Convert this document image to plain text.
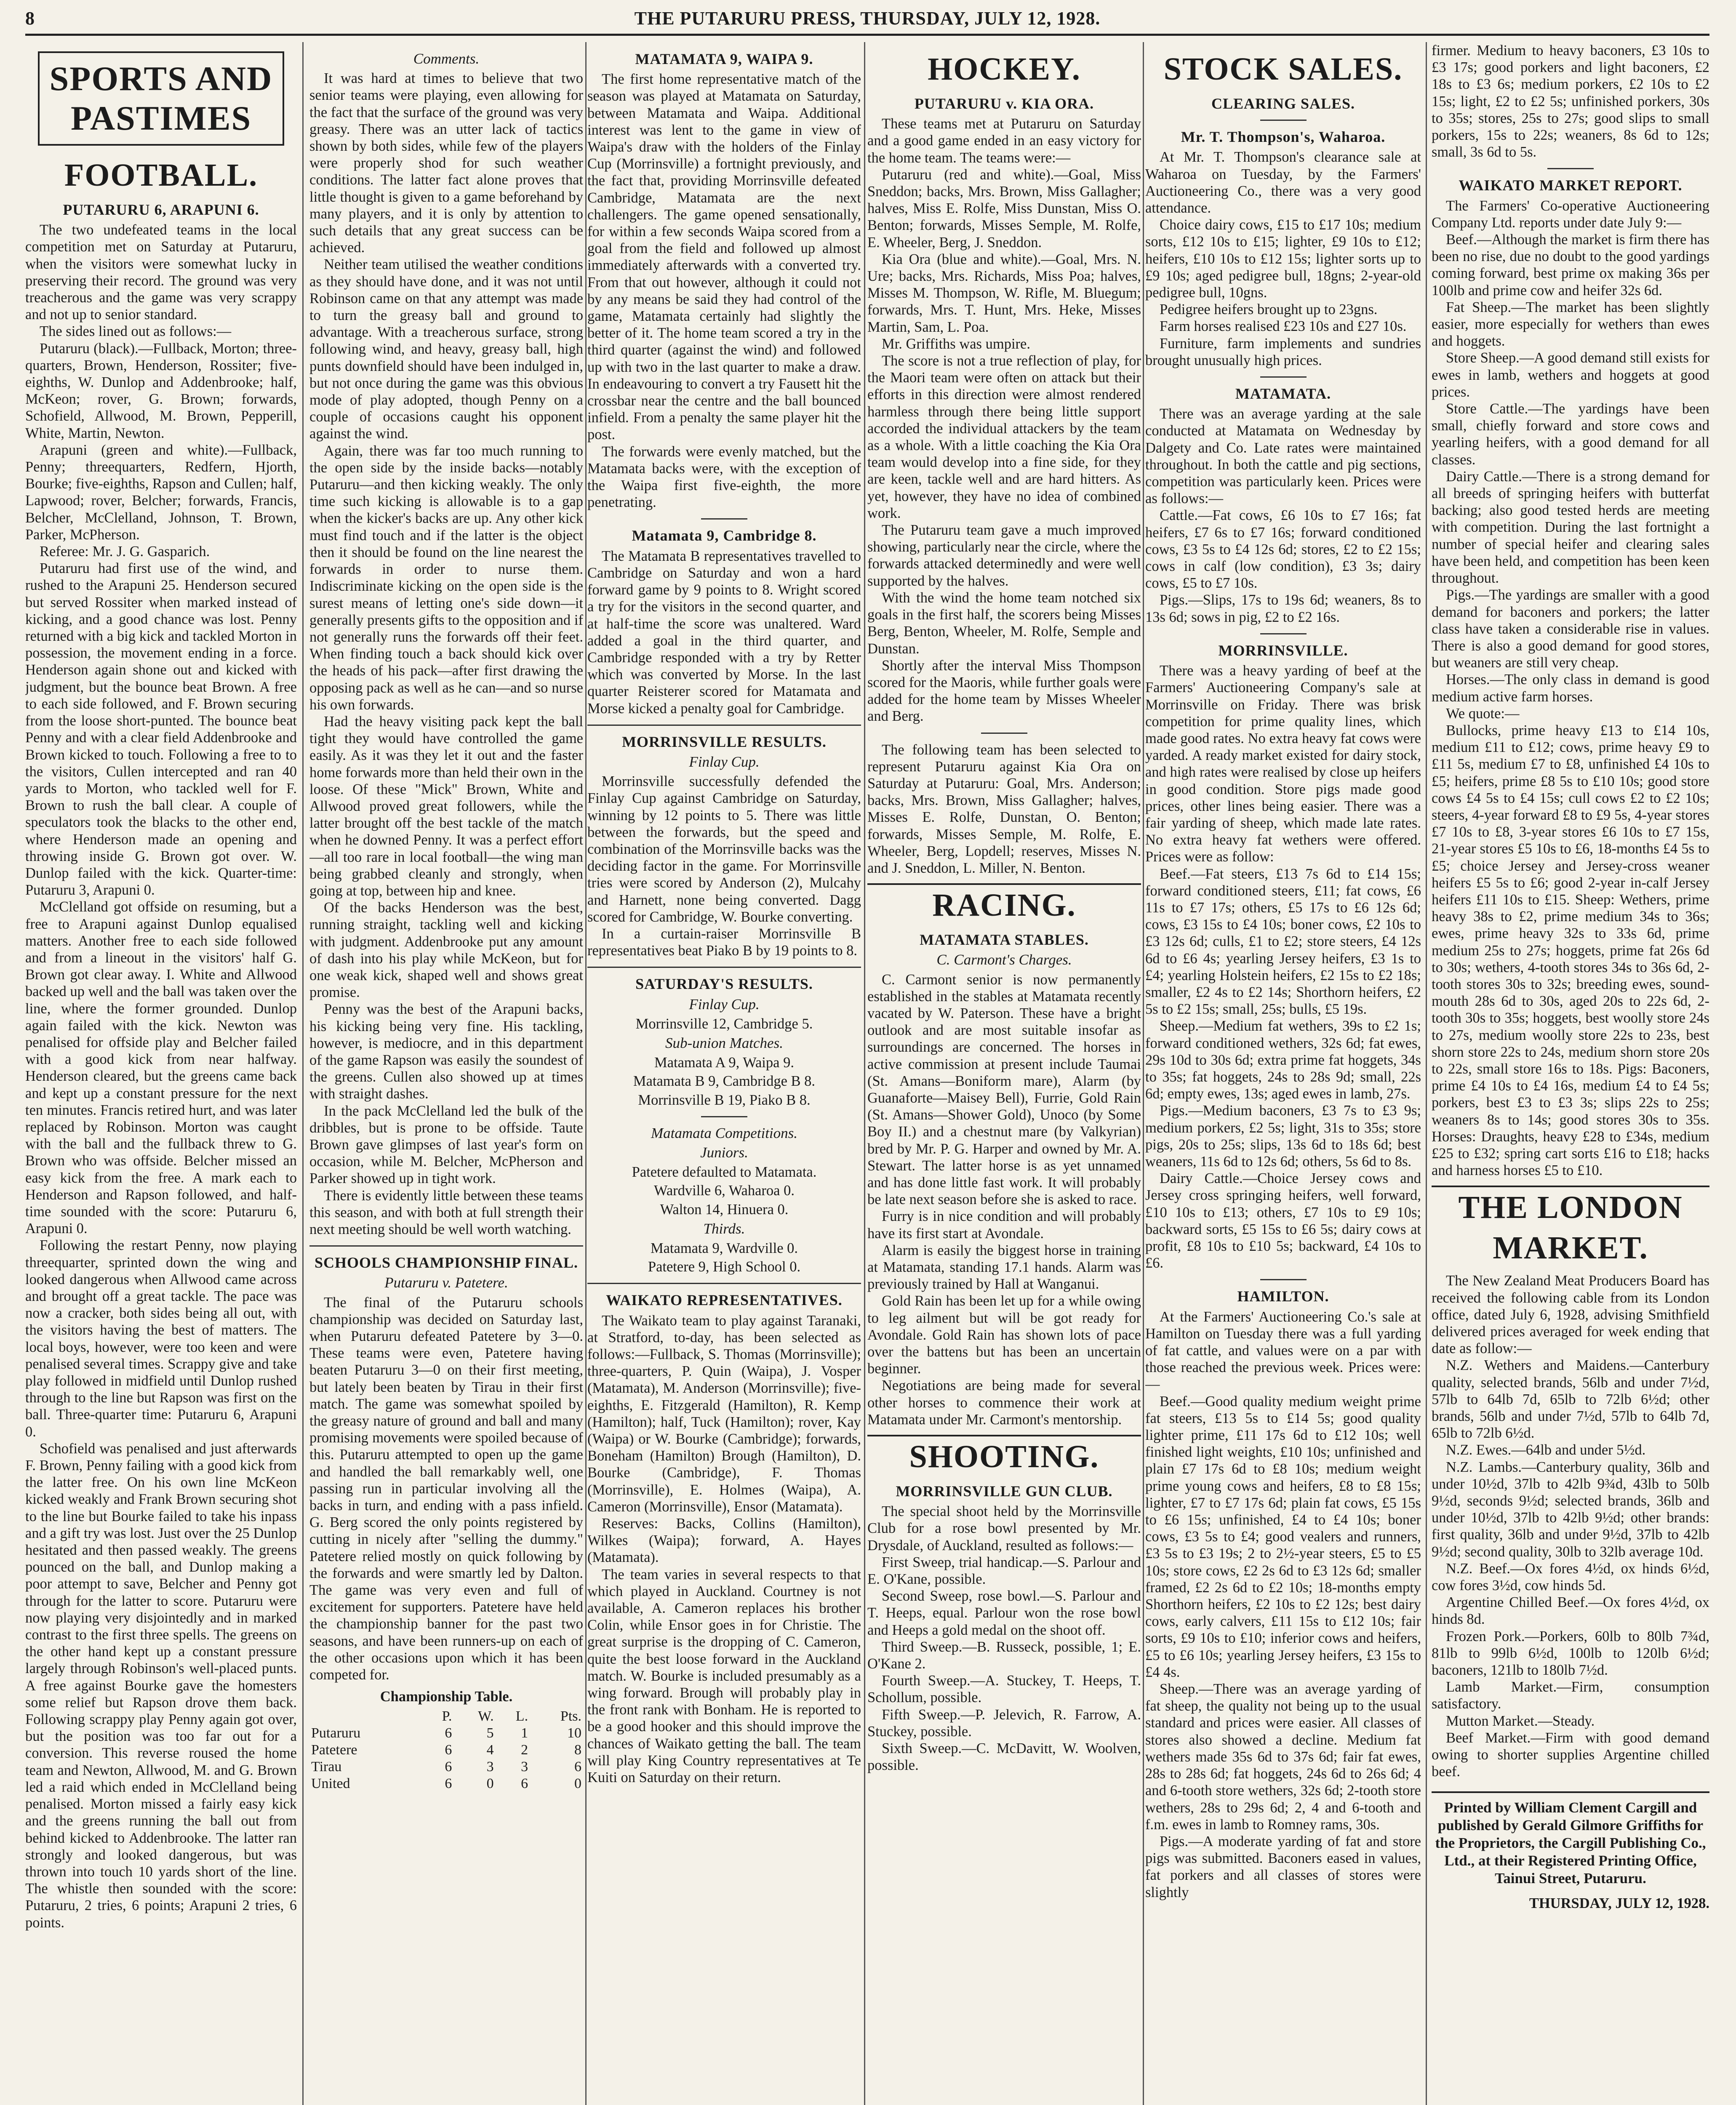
8	THE PUTARURU PRESS, THURSDAY, JULY 12, 1928.
SPORTS AND PASTIMES
FOOTBALL.
PUTARURU 6, ARAPUNI 6.

The two undefeated teams in the local competition met on Saturday at Putaruru, when the visitors were somewhat lucky in preserving their record. The ground was very treacherous and the game was very scrappy and not up to senior standard.

The sides lined out as follows:—

Putaruru (black).—Fullback, Morton; three-quarters, Brown, Henderson, Rossiter; five-eighths, W. Dunlop and Addenbrooke; half, McKeon; rover, G. Brown; forwards, Schofield, Allwood, M. Brown, Pepperill, White, Martin, Newton.

Arapuni (green and white).—Fullback, Penny; threequarters, Redfern, Hjorth, Bourke; five-eighths, Rapson and Cullen; half, Lapwood; rover, Belcher; forwards, Francis, Belcher, McClelland, Johnson, T. Brown, Parker, McPherson.

Referee: Mr. J. G. Gasparich.

Putaruru had first use of the wind, and rushed to the Arapuni 25. Henderson secured but served Rossiter when marked instead of kicking, and a good chance was lost. Penny returned with a big kick and tackled Morton in possession, the movement ending in a force. Henderson again shone out and kicked with judgment, but the bounce beat Brown. A free to each side followed, and F. Brown securing from the loose short-punted. The bounce beat Penny and with a clear field Addenbrooke and Brown kicked to touch. Following a free to to the visitors, Cullen intercepted and ran 40 yards to Morton, who tackled well for F. Brown to rush the ball clear. A couple of speculators took the blacks to the other end, where Henderson made an opening and throwing inside G. Brown got over. W. Dunlop failed with the kick. Quarter-time: Putaruru 3, Arapuni 0.

McClelland got offside on resuming, but a free to Arapuni against Dunlop equalised matters. Another free to each side followed and from a lineout in the visitors' half G. Brown got clear away. I. White and Allwood backed up well and the ball was taken over the line, where the former grounded. Dunlop again failed with the kick. Newton was penalised for offside play and Belcher failed with a good kick from near halfway. Henderson cleared, but the greens came back and kept up a constant pressure for the next ten minutes. Francis retired hurt, and was later replaced by Robinson. Morton was caught with the ball and the fullback threw to G. Brown who was offside. Belcher missed an easy kick from the free. A mark each to Henderson and Rapson followed, and half-time sounded with the score: Putaruru 6, Arapuni 0.

Following the restart Penny, now playing threequarter, sprinted down the wing and looked dangerous when Allwood came across and brought off a great tackle. The pace was now a cracker, both sides being all out, with the visitors having the best of matters. The local boys, however, were too keen and were penalised several times. Scrappy give and take play followed in midfield until Dunlop rushed through to the line but Rapson was first on the ball. Three-quarter time: Putaruru 6, Arapuni 0.

Schofield was penalised and just afterwards F. Brown, Penny failing with a good kick from the latter free. On his own line McKeon kicked weakly and Frank Brown securing shot to the line but Bourke failed to take his inpass and a gift try was lost. Just over the 25 Dunlop hesitated and then passed weakly. The greens pounced on the ball, and Dunlop making a poor attempt to save, Belcher and Penny got through for the latter to score. Putaruru were now playing very disjointedly and in marked contrast to the first three spells. The greens on the other hand kept up a constant pressure largely through Robinson's well-placed punts. A free against Bourke gave the homesters some relief but Rapson drove them back. Following scrappy play Penny again got over, but the position was too far out for a conversion. This reverse roused the home team and Newton, Allwood, M. and G. Brown led a raid which ended in McClelland being penalised. Morton missed a fairly easy kick and the greens running the ball out from behind kicked to Addenbrooke. The latter ran strongly and looked dangerous, but was thrown into touch 10 yards short of the line. The whistle then sounded with the score: Putaruru, 2 tries, 6 points; Arapuni 2 tries, 6 points.

Comments.

It was hard at times to believe that two senior teams were playing, even allowing for the fact that the surface of the ground was very greasy. There was an utter lack of tactics shown by both sides, while few of the players were properly shod for such weather conditions. The latter fact alone proves that little thought is given to a game beforehand by many players, and it is only by attention to such details that any great success can be achieved.

Neither team utilised the weather conditions as they should have done, and it was not until Robinson came on that any attempt was made to turn the greasy ball and ground to advantage. With a treacherous surface, strong following wind, and heavy, greasy ball, high punts downfield should have been indulged in, but not once during the game was this obvious mode of play adopted, though Penny on a couple of occasions caught his opponent against the wind.

Again, there was far too much running to the open side by the inside backs—notably Putaruru—and then kicking weakly. The only time such kicking is allowable is to a gap when the kicker's backs are up. Any other kick must find touch and if the latter is the object then it should be found on the line nearest the forwards in order to nurse them. Indiscriminate kicking on the open side is the surest means of letting one's side down—it generally presents gifts to the opposition and if not generally runs the forwards off their feet. When finding touch a back should kick over the heads of his pack—after first drawing the opposing pack as well as he can—and so nurse his own forwards.

Had the heavy visiting pack kept the ball tight they would have controlled the game easily. As it was they let it out and the faster home forwards more than held their own in the loose. Of these "Mick" Brown, White and Allwood proved great followers, while the latter brought off the best tackle of the match when he downed Penny. It was a perfect effort—all too rare in local football—the wing man being grabbed cleanly and strongly, when going at top, between hip and knee.

Of the backs Henderson was the best, running straight, tackling well and kicking with judgment. Addenbrooke put any amount of dash into his play while McKeon, but for one weak kick, shaped well and shows great promise.

Penny was the best of the Arapuni backs, his kicking being very fine. His tackling, however, is mediocre, and in this department of the game Rapson was easily the soundest of the greens. Cullen also showed up at times with straight dashes.

In the pack McClelland led the bulk of the dribbles, but is prone to be offside. Taute Brown gave glimpses of last year's form on occasion, while M. Belcher, McPherson and Parker showed up in tight work.

There is evidently little between these teams this season, and with both at full strength their next meeting should be well worth watching.

SCHOOLS CHAMPIONSHIP FINAL.
Putaruru v. Patetere.

The final of the Putaruru schools championship was decided on Saturday last, when Putaruru defeated Patetere by 3—0. These teams were even, Patetere having beaten Putaruru 3—0 on their first meeting, but lately been beaten by Tirau in their first match. The game was somewhat spoiled by the greasy nature of ground and ball and many promising movements were spoiled because of this. Putaruru attempted to open up the game and handled the ball remarkably well, one passing run in particular involving all the backs in turn, and ending with a pass infield. G. Berg scored the only points registered by cutting in nicely after "selling the dummy." Patetere relied mostly on quick following by the forwards and were smartly led by Dalton. The game was very even and full of excitement for supporters. Patetere have held the championship banner for the past two seasons, and have been runners-up on each of the other occasions upon which it has been competed for.

Championship Table.
	P.	W.	L.	Pts.
Putaruru	6	5	1	10
Patetere	6	4	2	8
Tirau	6	3	3	6
United	6	0	6	0
MATAMATA 9, WAIPA 9.

The first home representative match of the season was played at Matamata on Saturday, between Matamata and Waipa. Additional interest was lent to the game in view of Waipa's draw with the holders of the Finlay Cup (Morrinsville) a fortnight previously, and the fact that, providing Morrinsville defeated Cambridge, Matamata are the next challengers. The game opened sensationally, for within a few seconds Waipa scored from a goal from the field and followed up almost immediately afterwards with a converted try. From that out however, although it could not by any means be said they had control of the game, Matamata certainly had slightly the better of it. The home team scored a try in the third quarter (against the wind) and followed up with two in the last quarter to make a draw. In endeavouring to convert a try Fausett hit the crossbar near the centre and the ball bounced infield. From a penalty the same player hit the post.

The forwards were evenly matched, but the Matamata backs were, with the exception of the Waipa first five-eighth, the more penetrating.

Matamata 9, Cambridge 8.

The Matamata B representatives travelled to Cambridge on Saturday and won a hard forward game by 9 points to 8. Wright scored a try for the visitors in the second quarter, and at half-time the score was unaltered. Ward added a goal in the third quarter, and Cambridge responded with a try by Retter which was converted by Morse. In the last quarter Reisterer scored for Matamata and Morse kicked a penalty goal for Cambridge.

MORRINSVILLE RESULTS.
Finlay Cup.

Morrinsville successfully defended the Finlay Cup against Cambridge on Saturday, winning by 12 points to 5. There was little between the forwards, but the speed and combination of the Morrinsville backs was the deciding factor in the game. For Morrinsville tries were scored by Anderson (2), Mulcahy and Harnett, none being converted. Dagg scored for Cambridge, W. Bourke converting.

In a curtain-raiser Morrinsville B representatives beat Piako B by 19 points to 8.

SATURDAY'S RESULTS.
Finlay Cup.
Morrinsville 12, Cambridge 5.
Sub-union Matches.
Matamata A 9, Waipa 9.
Matamata B 9, Cambridge B 8.
Morrinsville B 19, Piako B 8.
Matamata Competitions.
Juniors.
Patetere defaulted to Matamata.
Wardville 6, Waharoa 0.
Walton 14, Hinuera 0.
Thirds.
Matamata 9, Wardville 0.
Patetere 9, High School 0.
WAIKATO REPRESENTATIVES.

The Waikato team to play against Taranaki, at Stratford, to-day, has been selected as follows:—Fullback, S. Thomas (Morrinsville); three-quarters, P. Quin (Waipa), J. Vosper (Matamata), M. Anderson (Morrinsville); five-eighths, E. Fitzgerald (Hamilton), R. Kemp (Hamilton); half, Tuck (Hamilton); rover, Kay (Waipa) or W. Bourke (Cambridge); forwards, Boneham (Hamilton) Brough (Hamilton), D. Bourke (Cambridge), F. Thomas (Morrinsville), E. Holmes (Waipa), A. Cameron (Morrinsville), Ensor (Matamata).

Reserves: Backs, Collins (Hamilton), Wilkes (Waipa); forward, A. Hayes (Matamata).

The team varies in several respects to that which played in Auckland. Courtney is not available, A. Cameron replaces his brother Colin, while Ensor goes in for Christie. The great surprise is the dropping of C. Cameron, quite the best loose forward in the Auckland match. W. Bourke is included presumably as a wing forward. Brough will probably play in the front rank with Bonham. He is reported to be a good hooker and this should improve the chances of Waikato getting the ball. The team will play King Country representatives at Te Kuiti on Saturday on their return.

HOCKEY.
PUTARURU v. KIA ORA.

These teams met at Putaruru on Saturday and a good game ended in an easy victory for the home team. The teams were:—

Putaruru (red and white).—Goal, Miss Sneddon; backs, Mrs. Brown, Miss Gallagher; halves, Miss E. Rolfe, Miss Dunstan, Miss O. Benton; forwards, Misses Semple, M. Rolfe, E. Wheeler, Berg, J. Sneddon.

Kia Ora (blue and white).—Goal, Mrs. N. Ure; backs, Mrs. Richards, Miss Poa; halves, Misses M. Thompson, W. Rifle, M. Bluegum; forwards, Mrs. T. Hunt, Mrs. Heke, Misses Martin, Sam, L. Poa.

Mr. Griffiths was umpire.

The score is not a true reflection of play, for the Maori team were often on attack but their efforts in this direction were almost rendered harmless through there being little support accorded the individual attackers by the team as a whole. With a little coaching the Kia Ora team would develop into a fine side, for they are keen, tackle well and are hard hitters. As yet, however, they have no idea of combined work.

The Putaruru team gave a much improved showing, particularly near the circle, where the forwards attacked determinedly and were well supported by the halves.

With the wind the home team notched six goals in the first half, the scorers being Misses Berg, Benton, Wheeler, M. Rolfe, Semple and Dunstan.

Shortly after the interval Miss Thompson scored for the Maoris, while further goals were added for the home team by Misses Wheeler and Berg.

The following team has been selected to represent Putaruru against Kia Ora on Saturday at Putaruru: Goal, Mrs. Anderson; backs, Mrs. Brown, Miss Gallagher; halves, Misses E. Rolfe, Dunstan, O. Benton; forwards, Misses Semple, M. Rolfe, E. Wheeler, Berg, Lopdell; reserves, Misses N. and J. Sneddon, L. Miller, N. Benton.

RACING.
MATAMATA STABLES.
C. Carmont's Charges.

C. Carmont senior is now permanently established in the stables at Matamata recently vacated by W. Paterson. These have a bright outlook and are most suitable insofar as surroundings are concerned. The horses in active commission at present include Taumai (St. Amans—Boniform mare), Alarm (by Guanaforte—Maisey Bell), Furrie, Gold Rain (St. Amans—Shower Gold), Unoco (by Some Boy II.) and a chestnut mare (by Valkyrian) bred by Mr. P. G. Harper and owned by Mr. A. Stewart. The latter horse is as yet unnamed and has done little fast work. It will probably be late next season before she is asked to race.

Furry is in nice condition and will probably have its first start at Avondale.

Alarm is easily the biggest horse in training at Matamata, standing 17.1 hands. Alarm was previously trained by Hall at Wanganui.

Gold Rain has been let up for a while owing to leg ailment but will be got ready for Avondale. Gold Rain has shown lots of pace over the battens but has been an uncertain beginner.

Negotiations are being made for several other horses to commence their work at Matamata under Mr. Carmont's mentorship.

SHOOTING.
MORRINSVILLE GUN CLUB.

The special shoot held by the Morrinsville Club for a rose bowl presented by Mr. Drysdale, of Auckland, resulted as follows:—

First Sweep, trial handicap.—S. Parlour and E. O'Kane, possible.

Second Sweep, rose bowl.—S. Parlour and T. Heeps, equal. Parlour won the rose bowl and Heeps a gold medal on the shoot off.

Third Sweep.—B. Russeck, possible, 1; E. O'Kane 2.

Fourth Sweep.—A. Stuckey, T. Heeps, T. Schollum, possible.

Fifth Sweep.—P. Jelevich, R. Farrow, A. Stuckey, possible.

Sixth Sweep.—C. McDavitt, W. Woolven, possible.

STOCK SALES.
CLEARING SALES.
Mr. T. Thompson's, Waharoa.

At Mr. T. Thompson's clearance sale at Waharoa on Tuesday, by the Farmers' Auctioneering Co., there was a very good attendance.

Choice dairy cows, £15 to £17 10s; medium sorts, £12 10s to £15; lighter, £9 10s to £12; heifers, £10 10s to £12 15s; lighter sorts up to £9 10s; aged pedigree bull, 18gns; 2-year-old pedigree bull, 10gns.

Pedigree heifers brought up to 23gns.

Farm horses realised £23 10s and £27 10s.

Furniture, farm implements and sundries brought unusually high prices.

MATAMATA.

There was an average yarding at the sale conducted at Matamata on Wednesday by Dalgety and Co. Late rates were maintained throughout. In both the cattle and pig sections, competition was particularly keen. Prices were as follows:—

Cattle.—Fat cows, £6 10s to £7 16s; fat heifers, £7 6s to £7 16s; forward conditioned cows, £3 5s to £4 12s 6d; stores, £2 to £2 15s; cows in calf (low condition), £3 3s; dairy cows, £5 to £7 10s.

Pigs.—Slips, 17s to 19s 6d; weaners, 8s to 13s 6d; sows in pig, £2 to £2 16s.

MORRINSVILLE.

There was a heavy yarding of beef at the Farmers' Auctioneering Company's sale at Morrinsville on Friday. There was brisk competition for prime quality lines, which made good rates. No extra heavy fat cows were yarded. A ready market existed for dairy stock, and high rates were realised by close up heifers in good condition. Store pigs made good prices, other lines being easier. There was a fair yarding of sheep, which made late rates. No extra heavy fat wethers were offered. Prices were as follow:

Beef.—Fat steers, £13 7s 6d to £14 15s; forward conditioned steers, £11; fat cows, £6 11s to £7 17s; others, £5 17s to £6 12s 6d; cows, £3 15s to £4 10s; boner cows, £2 10s to £3 12s 6d; culls, £1 to £2; store steers, £4 12s 6d to £6 4s; yearling Jersey heifers, £3 1s to £4; yearling Holstein heifers, £2 15s to £2 18s; smaller, £2 4s to £2 14s; Shorthorn heifers, £2 5s to £2 15s; small, 25s; bulls, £5 19s.

Sheep.—Medium fat wethers, 39s to £2 1s; forward conditioned wethers, 32s 6d; fat ewes, 29s 10d to 30s 6d; extra prime fat hoggets, 34s to 35s; fat hoggets, 24s to 28s 9d; small, 22s 6d; empty ewes, 13s; aged ewes in lamb, 27s.

Pigs.—Medium baconers, £3 7s to £3 9s; medium porkers, £2 5s; light, 31s to 35s; store pigs, 20s to 25s; slips, 13s 6d to 18s 6d; best weaners, 11s 6d to 12s 6d; others, 5s 6d to 8s.

Dairy Cattle.—Choice Jersey cows and Jersey cross springing heifers, well forward, £10 10s to £13; others, £7 10s to £9 10s; backward sorts, £5 15s to £6 5s; dairy cows at profit, £8 10s to £10 5s; backward, £4 10s to £6.

HAMILTON.

At the Farmers' Auctioneering Co.'s sale at Hamilton on Tuesday there was a full yarding of fat cattle, and values were on a par with those reached the previous week. Prices were:—

Beef.—Good quality medium weight prime fat steers, £13 5s to £14 5s; good quality lighter prime, £11 17s 6d to £12 10s; well finished light weights, £10 10s; unfinished and plain £7 17s 6d to £8 10s; medium weight prime young cows and heifers, £8 to £8 15s; lighter, £7 to £7 17s 6d; plain fat cows, £5 15s to £6 15s; unfinished, £4 to £4 10s; boner cows, £3 5s to £4; good vealers and runners, £3 5s to £3 19s; 2 to 2½-year steers, £5 to £5 10s; store cows, £2 2s 6d to £3 12s 6d; smaller framed, £2 2s 6d to £2 10s; 18-months empty Shorthorn heifers, £2 10s to £2 12s; best dairy cows, early calvers, £11 15s to £12 10s; fair sorts, £9 10s to £10; inferior cows and heifers, £5 to £6 10s; yearling Jersey heifers, £3 15s to £4 4s.

Sheep.—There was an average yarding of fat sheep, the quality not being up to the usual standard and prices were easier. All classes of stores also showed a decline. Medium fat wethers made 35s 6d to 37s 6d; fair fat ewes, 28s to 28s 6d; fat hoggets, 24s 6d to 26s 6d; 4 and 6-tooth store wethers, 32s 6d; 2-tooth store wethers, 28s to 29s 6d; 2, 4 and 6-tooth and f.m. ewes in lamb to Romney rams, 30s.

Pigs.—A moderate yarding of fat and store pigs was submitted. Baconers eased in values, fat porkers and all classes of stores were slightly

firmer. Medium to heavy baconers, £3 10s to £3 17s; good porkers and light baconers, £2 18s to £3 6s; medium porkers, £2 10s to £2 15s; light, £2 to £2 5s; unfinished porkers, 30s to 35s; stores, 25s to 27s; good slips to small porkers, 15s to 22s; weaners, 8s 6d to 12s; small, 3s 6d to 5s.

WAIKATO MARKET REPORT.

The Farmers' Co-operative Auctioneering Company Ltd. reports under date July 9:—

Beef.—Although the market is firm there has been no rise, due no doubt to the good yardings coming forward, best prime ox making 36s per 100lb and prime cow and heifer 32s 6d.

Fat Sheep.—The market has been slightly easier, more especially for wethers than ewes and hoggets.

Store Sheep.—A good demand still exists for ewes in lamb, wethers and hoggets at good prices.

Store Cattle.—The yardings have been small, chiefly forward and store cows and yearling heifers, with a good demand for all classes.

Dairy Cattle.—There is a strong demand for all breeds of springing heifers with butterfat backing; also good tested herds are meeting with competition. During the last fortnight a number of special heifer and clearing sales have been held, and competition has been keen throughout.

Pigs.—The yardings are smaller with a good demand for baconers and porkers; the latter class have taken a considerable rise in values. There is also a good demand for good stores, but weaners are still very cheap.

Horses.—The only class in demand is good medium active farm horses.

We quote:—

Bullocks, prime heavy £13 to £14 10s, medium £11 to £12; cows, prime heavy £9 to £11 5s, medium £7 to £8, unfinished £4 10s to £5; heifers, prime £8 5s to £10 10s; good store cows £4 5s to £4 15s; cull cows £2 to £2 10s; steers, 4-year forward £8 to £9 5s, 4-year stores £7 10s to £8, 3-year stores £6 10s to £7 15s, 21-year stores £5 10s to £6, 18-months £4 5s to £5; choice Jersey and Jersey-cross weaner heifers £5 5s to £6; good 2-year in-calf Jersey heifers £11 10s to £15. Sheep: Wethers, prime heavy 38s to £2, prime medium 34s to 36s; ewes, prime heavy 32s to 33s 6d, prime medium 25s to 27s; hoggets, prime fat 26s 6d to 30s; wethers, 4-tooth stores 34s to 36s 6d, 2-tooth stores 30s to 32s; breeding ewes, sound-mouth 28s 6d to 30s, aged 20s to 22s 6d, 2-tooth 30s to 35s; hoggets, best woolly store 24s to 27s, medium woolly store 22s to 23s, best shorn store 22s to 24s, medium shorn store 20s to 22s, small store 16s to 18s. Pigs: Baconers, prime £4 10s to £4 16s, medium £4 to £4 5s; porkers, best £3 to £3 3s; slips 22s to 25s; weaners 8s to 14s; good stores 30s to 35s. Horses: Draughts, heavy £28 to £34s, medium £25 to £32; spring cart sorts £16 to £18; hacks and harness horses £5 to £10.

THE LONDON MARKET.

The New Zealand Meat Producers Board has received the following cable from its London office, dated July 6, 1928, advising Smithfield delivered prices averaged for week ending that date as follow:—

N.Z. Wethers and Maidens.—Canterbury quality, selected brands, 56lb and under 7½d, 57lb to 64lb 7d, 65lb to 72lb 6½d; other brands, 56lb and under 7½d, 57lb to 64lb 7d, 65lb to 72lb 6½d.

N.Z. Ewes.—64lb and under 5½d.

N.Z. Lambs.—Canterbury quality, 36lb and under 10½d, 37lb to 42lb 9¾d, 43lb to 50lb 9½d, seconds 9½d; selected brands, 36lb and under 10½d, 37lb to 42lb 9½d; other brands: first quality, 36lb and under 9½d, 37lb to 42lb 9½d; second quality, 30lb to 32lb average 10d.

N.Z. Beef.—Ox fores 4½d, ox hinds 6½d, cow fores 3½d, cow hinds 5d.

Argentine Chilled Beef.—Ox fores 4½d, ox hinds 8d.

Frozen Pork.—Porkers, 60lb to 80lb 7¾d, 81lb to 99lb 6½d, 100lb to 120lb 6½d; baconers, 121lb to 180lb 7½d.

Lamb Market.—Firm, consumption satisfactory.

Mutton Market.—Steady.

Beef Market.—Firm with good demand owing to shorter supplies Argentine chilled beef.

Printed by William Clement Cargill and published by Gerald Gilmore Griffiths for the Proprietors, the Cargill Publishing Co., Ltd., at their Registered Printing Office, Tainui Street, Putaruru.
THURSDAY, JULY 12, 1928.
